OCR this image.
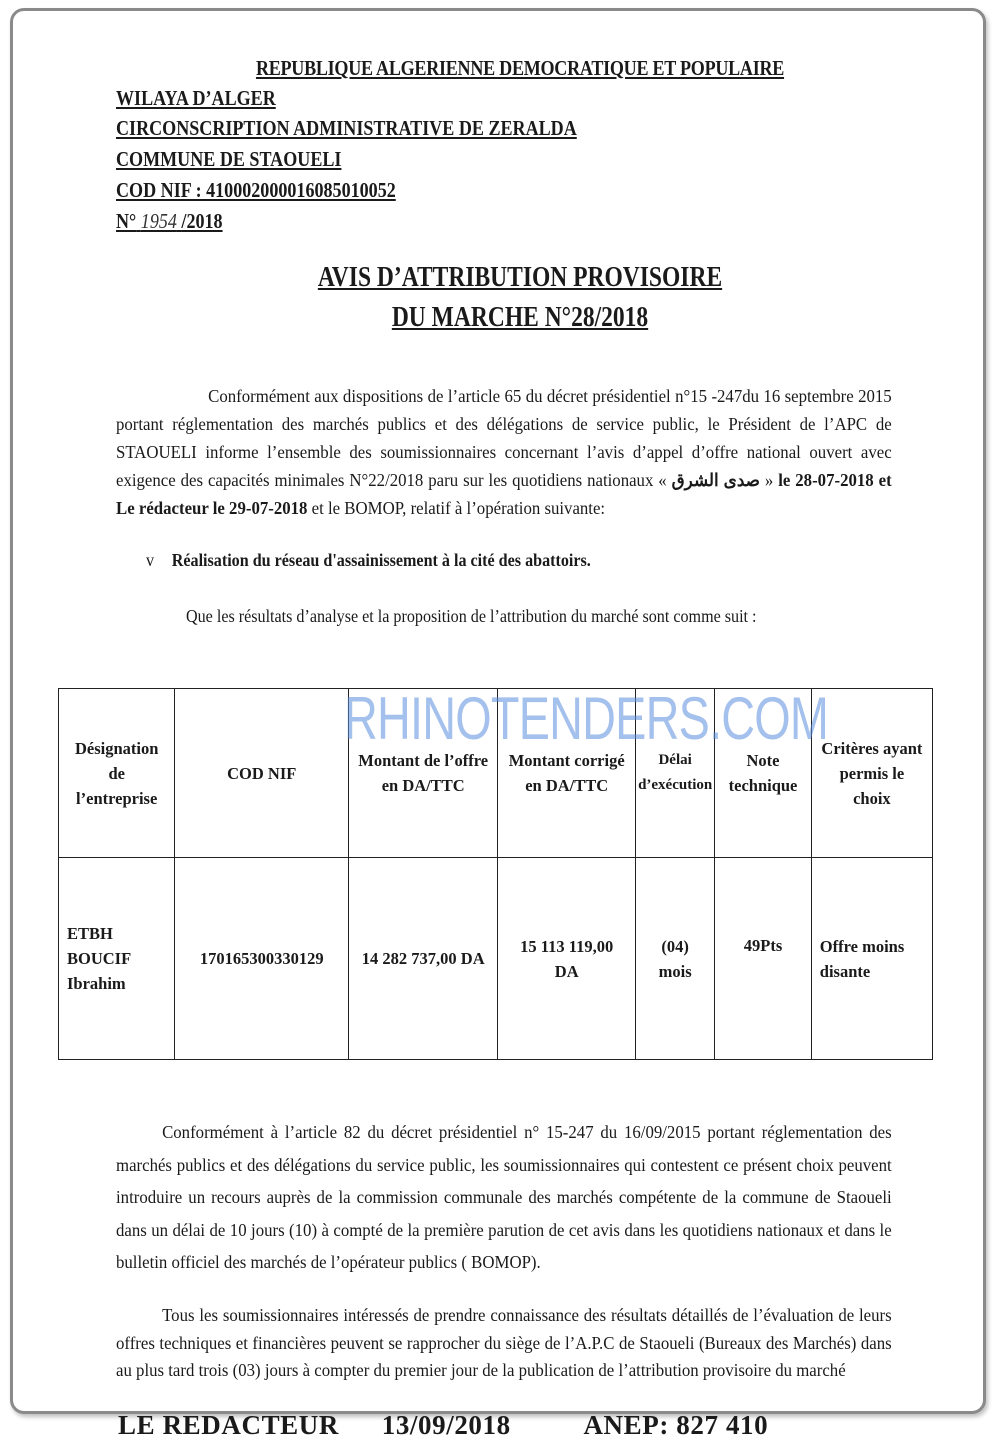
REPUBLIQUE ALGERIENNE DEMOCRATIQUE ET POPULAIRE
WILAYA D’ALGER
CIRCONSCRIPTION ADMINISTRATIVE DE ZERALDA
COMMUNE DE STAOUELI
COD NIF : 410002000016085010052
N° 1954 /2018
AVIS D’ATTRIBUTION PROVISOIRE
DU MARCHE N°28/2018
Conformément aux dispositions de l’article 65 du décret présidentiel n°15 -247du 16 septembre 2015 portant réglementation des marchés publics et des délégations de service public, le Président de l’APC de STAOUELI informe l’ensemble des soumissionnaires concernant l’avis d’appel d’offre national ouvert avec exigence des capacités minimales N°22/2018 paru sur les quotidiens nationaux « صدى الشرق » le 28-07-2018 et Le rédacteur le 29-07-2018 et le BOMOP, relatif à l’opération suivante:
v Réalisation du réseau d'assainissement à la cité des abattoirs.
Que les résultats d’analyse et la proposition de l’attribution du marché sont comme suit :
Désignation de l’entreprise	COD NIF	Montant de l’offre en DA/TTC	Montant corrigé en DA/TTC	Délai d’exécution	Note technique	Critères ayant permis le choix
ETBH BOUCIF Ibrahim	170165300330129	14 282 737,00 DA	15 113 119,00 DA	(04) mois	49Pts	Offre moins disante
RHINOTENDERS.COM
Conformément à l’article 82 du décret présidentiel n° 15-247 du 16/09/2015 portant réglementation des marchés publics et des délégations du service public, les soumissionnaires qui contestent ce présent choix peuvent introduire un recours auprès de la commission communale des marchés compétente de la commune de Staoueli dans un délai de 10 jours (10) à compté de la première parution de cet avis dans les quotidiens nationaux et dans le bulletin officiel des marchés de l’opérateur publics ( BOMOP).
Tous les soumissionnaires intéressés de prendre connaissance des résultats détaillés de l’évaluation de leurs offres techniques et financières peuvent se rapprocher du siège de l’A.P.C de Staoueli (Bureaux des Marchés) dans au plus tard trois (03) jours à compter du premier jour de la publication de l’attribution provisoire du marché
LE REDACTEUR 13/09/2018	ANEP: 827 410
